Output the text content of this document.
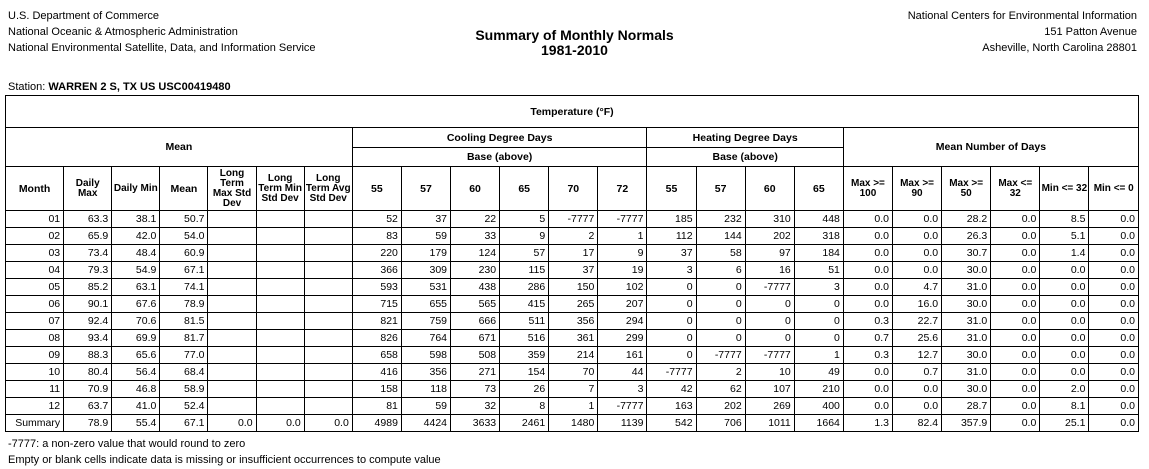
U.S. Department of Commerce
National Oceanic & Atmospheric Administration
National Environmental Satellite, Data, and Information Service
Summary of Monthly Normals
1981-2010
National Centers for Environmental Information
151 Patton Avenue
Asheville, North Carolina 28801
Station: WARREN 2 S, TX US USC00419480
Temperature (°F)																						
Mean							Cooling Degree Days						Heating Degree Days				Mean Number of Days					
							Base (above)						Base (above)									
Month	Daily Max	Daily Min	Mean	Long Term Max Std Dev	Long Term Min Std Dev	Long Term Avg Std Dev	55	57	60	65	70	72	55	57	60	65	Max >= 100	Max >= 90	Max >= 50	Max <= 32	Min <= 32	Min <= 0
01	63.3	38.1	50.7				52	37	22	5	-7777	-7777	185	232	310	448	0.0	0.0	28.2	0.0	8.5	0.0
02	65.9	42.0	54.0				83	59	33	9	2	1	112	144	202	318	0.0	0.0	26.3	0.0	5.1	0.0
03	73.4	48.4	60.9				220	179	124	57	17	9	37	58	97	184	0.0	0.0	30.7	0.0	1.4	0.0
04	79.3	54.9	67.1				366	309	230	115	37	19	3	6	16	51	0.0	0.0	30.0	0.0	0.0	0.0
05	85.2	63.1	74.1				593	531	438	286	150	102	0	0	-7777	3	0.0	4.7	31.0	0.0	0.0	0.0
06	90.1	67.6	78.9				715	655	565	415	265	207	0	0	0	0	0.0	16.0	30.0	0.0	0.0	0.0
07	92.4	70.6	81.5				821	759	666	511	356	294	0	0	0	0	0.3	22.7	31.0	0.0	0.0	0.0
08	93.4	69.9	81.7				826	764	671	516	361	299	0	0	0	0	0.7	25.6	31.0	0.0	0.0	0.0
09	88.3	65.6	77.0				658	598	508	359	214	161	0	-7777	-7777	1	0.3	12.7	30.0	0.0	0.0	0.0
10	80.4	56.4	68.4				416	356	271	154	70	44	-7777	2	10	49	0.0	0.7	31.0	0.0	0.0	0.0
11	70.9	46.8	58.9				158	118	73	26	7	3	42	62	107	210	0.0	0.0	30.0	0.0	2.0	0.0
12	63.7	41.0	52.4				81	59	32	8	1	-7777	163	202	269	400	0.0	0.0	28.7	0.0	8.1	0.0
Summary	78.9	55.4	67.1	0.0	0.0	0.0	4989	4424	3633	2461	1480	1139	542	706	1011	1664	1.3	82.4	357.9	0.0	25.1	0.0
-7777: a non-zero value that would round to zero
Empty or blank cells indicate data is missing or insufficient occurrences to compute value
